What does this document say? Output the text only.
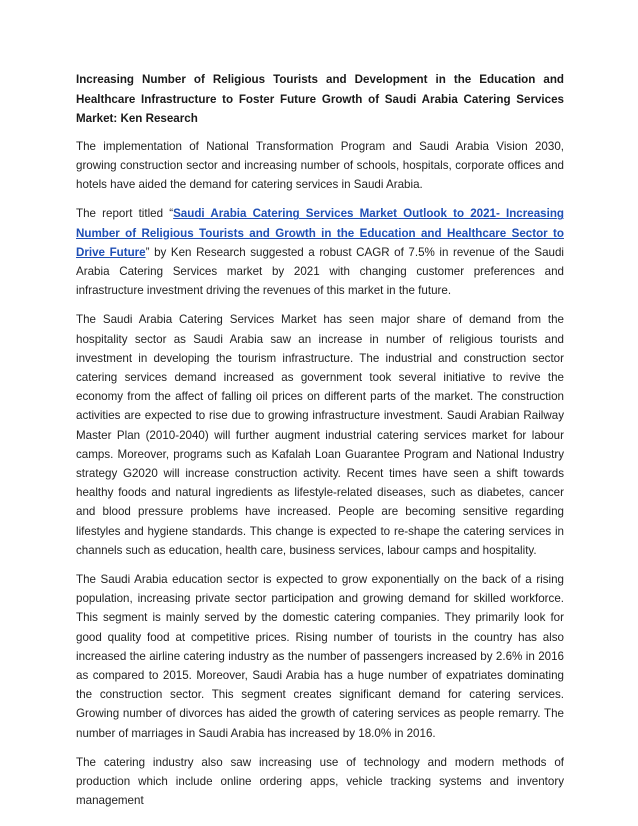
Increasing Number of Religious Tourists and Development in the Education and Healthcare Infrastructure to Foster Future Growth of Saudi Arabia Catering Services Market: Ken Research

The implementation of National Transformation Program and Saudi Arabia Vision 2030, growing construction sector and increasing number of schools, hospitals, corporate offices and hotels have aided the demand for catering services in Saudi Arabia.

The report titled “Saudi Arabia Catering Services Market Outlook to 2021- Increasing Number of Religious Tourists and Growth in the Education and Healthcare Sector to Drive Future” by Ken Research suggested a robust CAGR of 7.5% in revenue of the Saudi Arabia Catering Services market by 2021 with changing customer preferences and infrastructure investment driving the revenues of this market in the future.

The Saudi Arabia Catering Services Market has seen major share of demand from the hospitality sector as Saudi Arabia saw an increase in number of religious tourists and investment in developing the tourism infrastructure. The industrial and construction sector catering services demand increased as government took several initiative to revive the economy from the affect of falling oil prices on different parts of the market. The construction activities are expected to rise due to growing infrastructure investment. Saudi Arabian Railway Master Plan (2010-2040) will further augment industrial catering services market for labour camps. Moreover, programs such as Kafalah Loan Guarantee Program and National Industry strategy G2020 will increase construction activity. Recent times have seen a shift towards healthy foods and natural ingredients as lifestyle-related diseases, such as diabetes, cancer and blood pressure problems have increased. People are becoming sensitive regarding lifestyles and hygiene standards. This change is expected to re-shape the catering services in channels such as education, health care, business services, labour camps and hospitality.

The Saudi Arabia education sector is expected to grow exponentially on the back of a rising population, increasing private sector participation and growing demand for skilled workforce. This segment is mainly served by the domestic catering companies. They primarily look for good quality food at competitive prices. Rising number of tourists in the country has also increased the airline catering industry as the number of passengers increased by 2.6% in 2016 as compared to 2015. Moreover, Saudi Arabia has a huge number of expatriates dominating the construction sector. This segment creates significant demand for catering services. Growing number of divorces has aided the growth of catering services as people remarry. The number of marriages in Saudi Arabia has increased by 18.0% in 2016.

The catering industry also saw increasing use of technology and modern methods of production which include online ordering apps, vehicle tracking systems and inventory management
